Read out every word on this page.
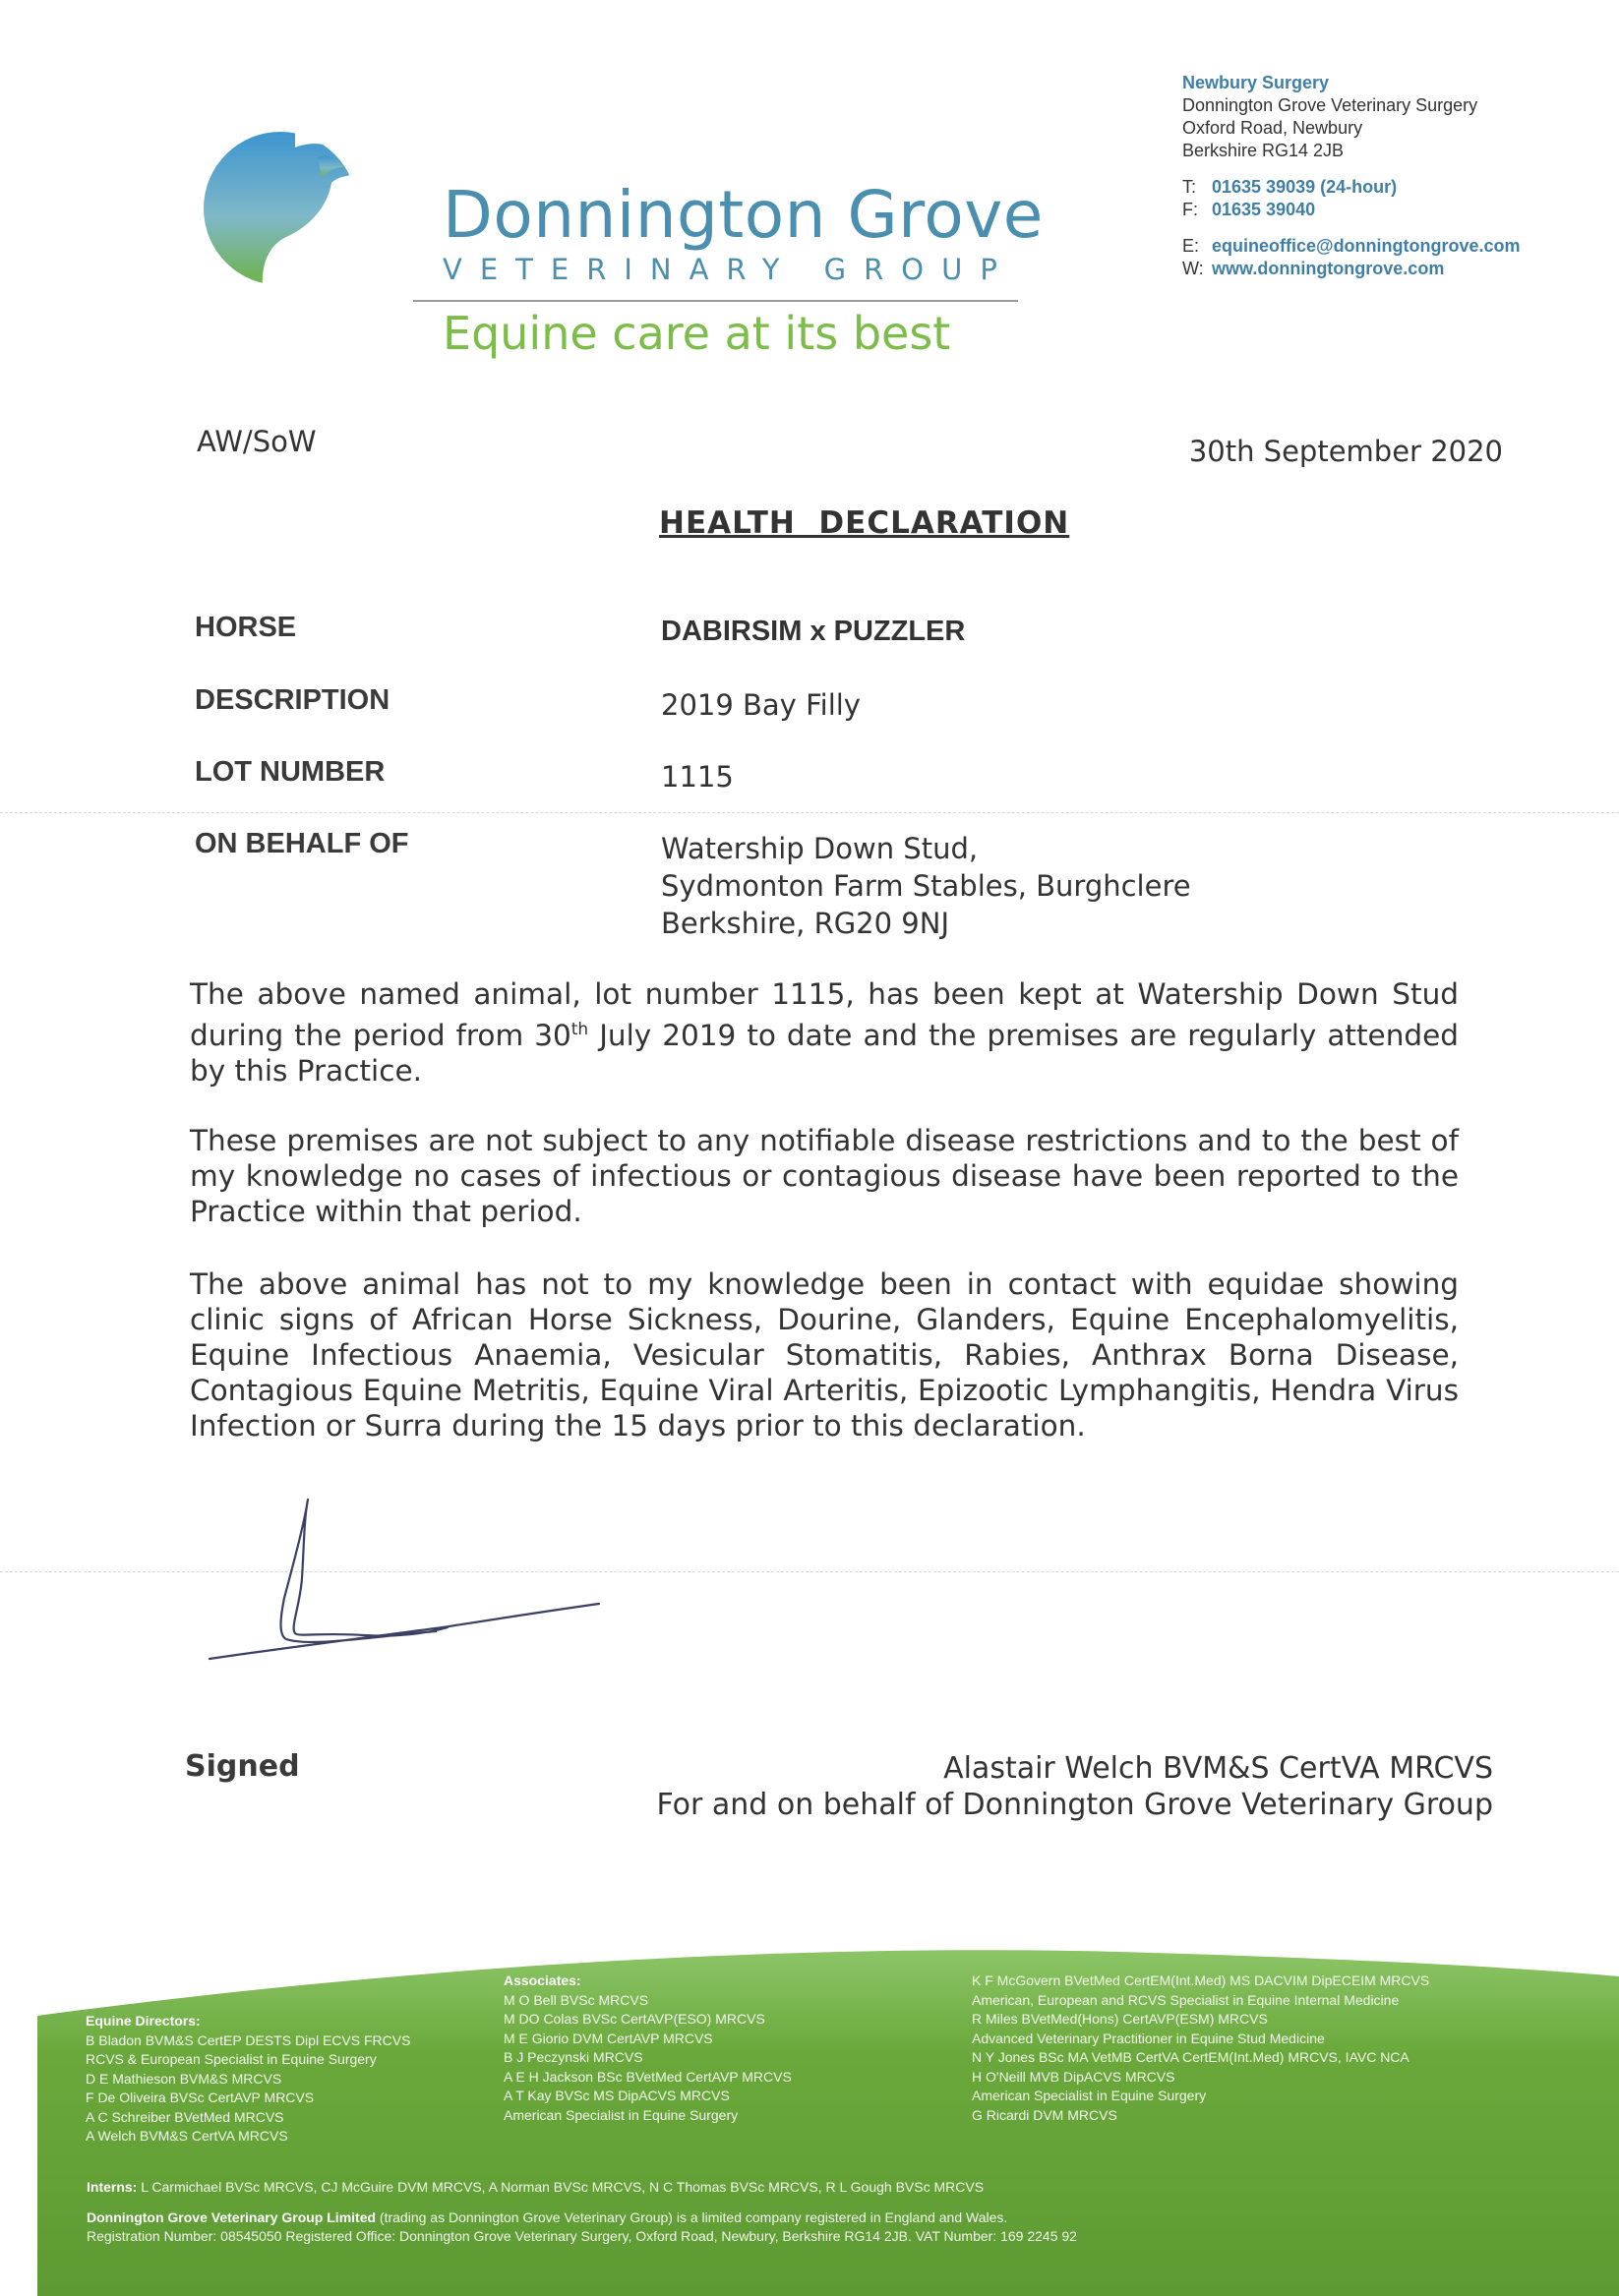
Donnington Grove
VETERINARY GROUP
Equine care at its best
Newbury Surgery
Donnington Grove Veterinary Surgery
Oxford Road, Newbury
Berkshire RG14 2JB
T: 01635 39039 (24-hour)
F: 01635 39040
E: equineoffice@donningtongrove.com
W: www.donningtongrove.com
AW/SoW	30th September 2020
HEALTH  DECLARATION
HORSE	DABIRSIM x PUZZLER
DESCRIPTION	2019 Bay Filly
LOT NUMBER	1115
ON BEHALF OF	Watership Down Stud,
Sydmonton Farm Stables, Burghclere
Berkshire, RG20 9NJ
The above named animal, lot number 1115, has been kept at Watership Down Stud during the period from 30th July 2019 to date and the premises are regularly attended by this Practice.
These premises are not subject to any notifiable disease restrictions and to the best of my knowledge no cases of infectious or contagious disease have been reported to the Practice within that period.
The above animal has not to my knowledge been in contact with equidae showing clinic signs of African Horse Sickness, Dourine, Glanders, Equine Encephalomyelitis, Equine Infectious Anaemia, Vesicular Stomatitis, Rabies, Anthrax Borna Disease, Contagious Equine Metritis, Equine Viral Arteritis, Epizootic Lymphangitis, Hendra Virus Infection or Surra during the 15 days prior to this declaration.
Signed	Alastair Welch BVM&S CertVA MRCVS
For and on behalf of Donnington Grove Veterinary Group
Equine Directors:
B Bladon BVM&S CertEP DESTS Dipl ECVS FRCVS
RCVS & European Specialist in Equine Surgery
D E Mathieson BVM&S MRCVS
F De Oliveira BVSc CertAVP MRCVS
A C Schreiber BVetMed MRCVS
A Welch BVM&S CertVA MRCVS
Associates:
M O Bell BVSc MRCVS
M DO Colas BVSc CertAVP(ESO) MRCVS
M E Giorio DVM CertAVP MRCVS
B J Peczynski MRCVS
A E H Jackson BSc BVetMed CertAVP MRCVS
A T Kay BVSc MS DipACVS MRCVS
American Specialist in Equine Surgery
K F McGovern BVetMed CertEM(Int.Med) MS DACVIM DipECEIM MRCVS
American, European and RCVS Specialist in Equine Internal Medicine
R Miles BVetMed(Hons) CertAVP(ESM) MRCVS
Advanced Veterinary Practitioner in Equine Stud Medicine
N Y Jones BSc MA VetMB CertVA CertEM(Int.Med) MRCVS, IAVC NCA
H O'Neill MVB DipACVS MRCVS
American Specialist in Equine Surgery
G Ricardi DVM MRCVS
Interns: L Carmichael BVSc MRCVS, CJ McGuire DVM MRCVS, A Norman BVSc MRCVS, N C Thomas BVSc MRCVS, R L Gough BVSc MRCVS
Donnington Grove Veterinary Group Limited (trading as Donnington Grove Veterinary Group) is a limited company registered in England and Wales.
Registration Number: 08545050 Registered Office: Donnington Grove Veterinary Surgery, Oxford Road, Newbury, Berkshire RG14 2JB. VAT Number: 169 2245 92
